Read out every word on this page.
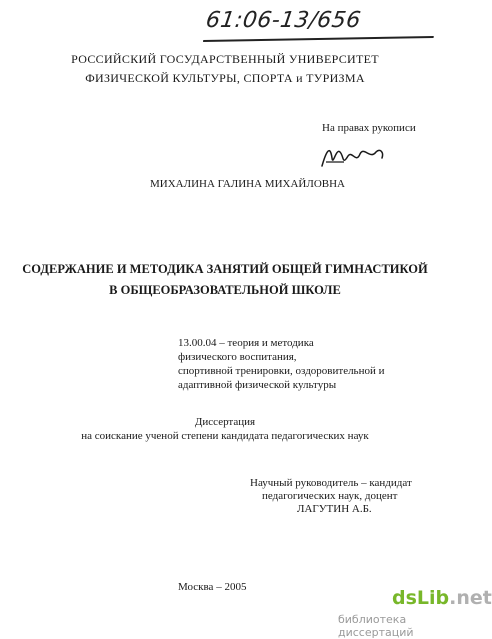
61:06-13/656
РОССИЙСКИЙ ГОСУДАРСТВЕННЫЙ УНИВЕРСИТЕТ
ФИЗИЧЕСКОЙ КУЛЬТУРЫ, СПОРТА и ТУРИЗМА
На правах рукописи
МИХАЛИНА ГАЛИНА МИХАЙЛОВНА
СОДЕРЖАНИЕ И МЕТОДИКА ЗАНЯТИЙ ОБЩЕЙ ГИМНАСТИКОЙ
В ОБЩЕОБРАЗОВАТЕЛЬНОЙ ШКОЛЕ
13.00.04 – теория и методика
физического воспитания,
спортивной тренировки, оздоровительной и
адаптивной физической культуры
Диссертация
на соискание ученой степени кандидата педагогических наук
Научный руководитель – кандидат
педагогических наук, доцент
ЛАГУТИН А.Б.
Москва – 2005	dsLib.net
библиотека диссертаций
